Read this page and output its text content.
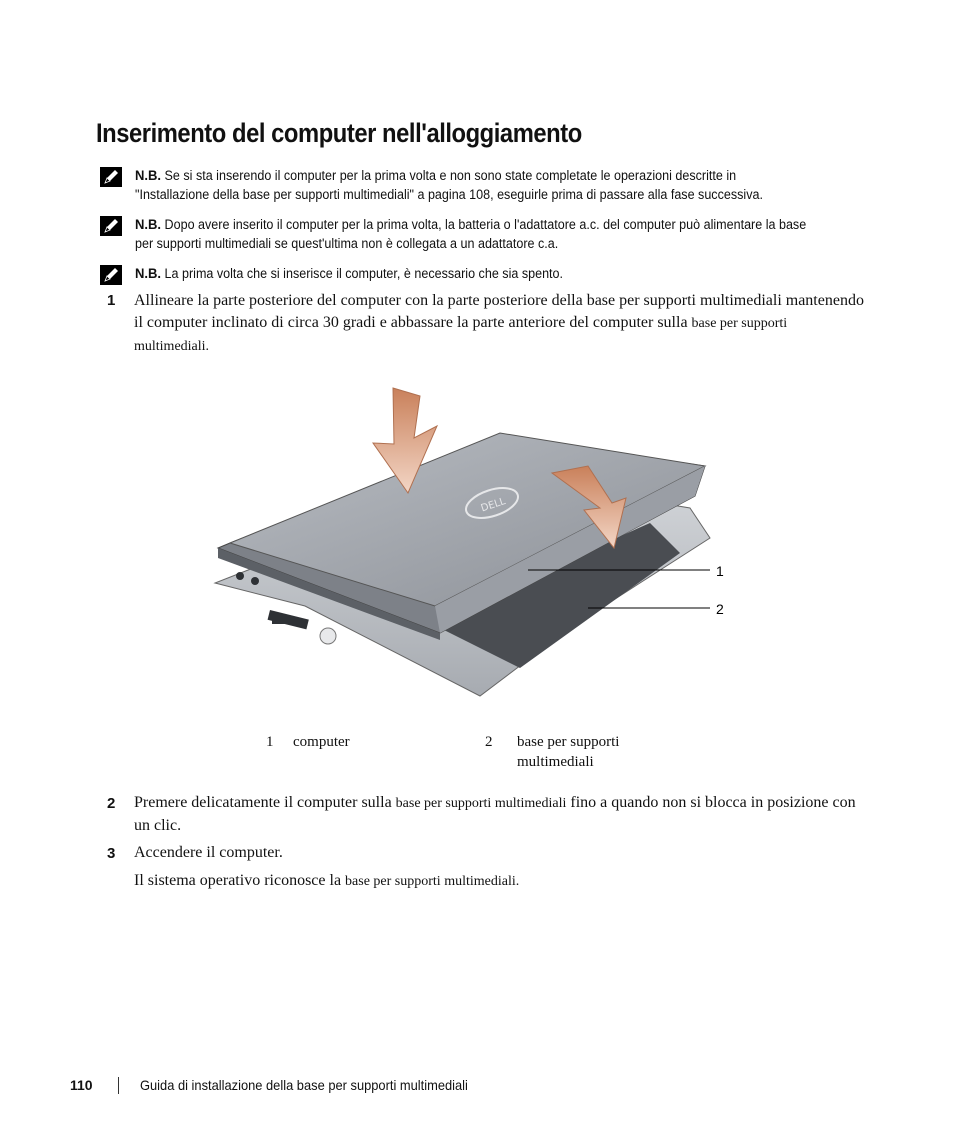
Inserimento del computer nell'alloggiamento
N.B. Se si sta inserendo il computer per la prima volta e non sono state completate le operazioni descritte in "Installazione della base per supporti multimediali" a pagina 108, eseguirle prima di passare alla fase successiva.
N.B. Dopo avere inserito il computer per la prima volta, la batteria o l'adattatore a.c. del computer può alimentare la base per supporti multimediali se quest'ultima non è collegata a un adattatore c.a.
N.B. La prima volta che si inserisce il computer, è necessario che sia spento.
1 Allineare la parte posteriore del computer con la parte posteriore della base per supporti multimediali mantenendo il computer inclinato di circa 30 gradi e abbassare la parte anteriore del computer sulla base per supporti multimediali.
DELL
1
2
1 computer	2 base per supporti multimediali
2 Premere delicatamente il computer sulla base per supporti multimediali fino a quando non si blocca in posizione con un clic.
3 Accendere il computer.
Il sistema operativo riconosce la base per supporti multimediali.
110	Guida di installazione della base per supporti multimediali
